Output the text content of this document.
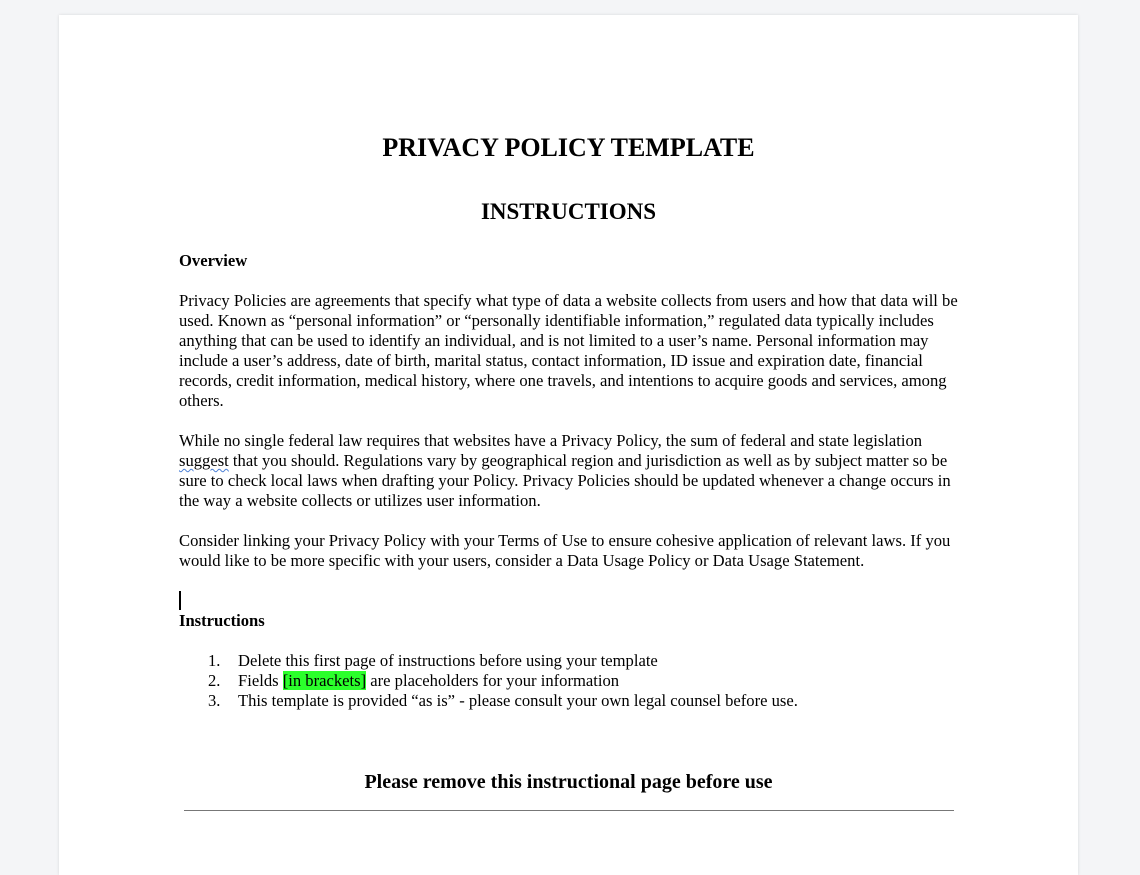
PRIVACY POLICY TEMPLATE
INSTRUCTIONS

Overview

Privacy Policies are agreements that specify what type of data a website collects from users and how that data will be used. Known as “personal information” or “personally identifiable information,” regulated data typically includes anything that can be used to identify an individual, and is not limited to a user’s name. Personal information may include a user’s address, date of birth, marital status, contact information, ID issue and expiration date, financial records, credit information, medical history, where one travels, and intentions to acquire goods and services, among others.

While no single federal law requires that websites have a Privacy Policy, the sum of federal and state legislation suggest that you should. Regulations vary by geographical region and jurisdiction as well as by subject matter so be sure to check local laws when drafting your Policy. Privacy Policies should be updated whenever a change occurs in the way a website collects or utilizes user information.

Consider linking your Privacy Policy with your Terms of Use to ensure cohesive application of relevant laws. If you would like to be more specific with your users, consider a Data Usage Policy or Data Usage Statement.

Instructions

1. Delete this first page of instructions before using your template
2. Fields [in brackets] are placeholders for your information
3. This template is provided “as is” - please consult your own legal counsel before use.

Please remove this instructional page before use
